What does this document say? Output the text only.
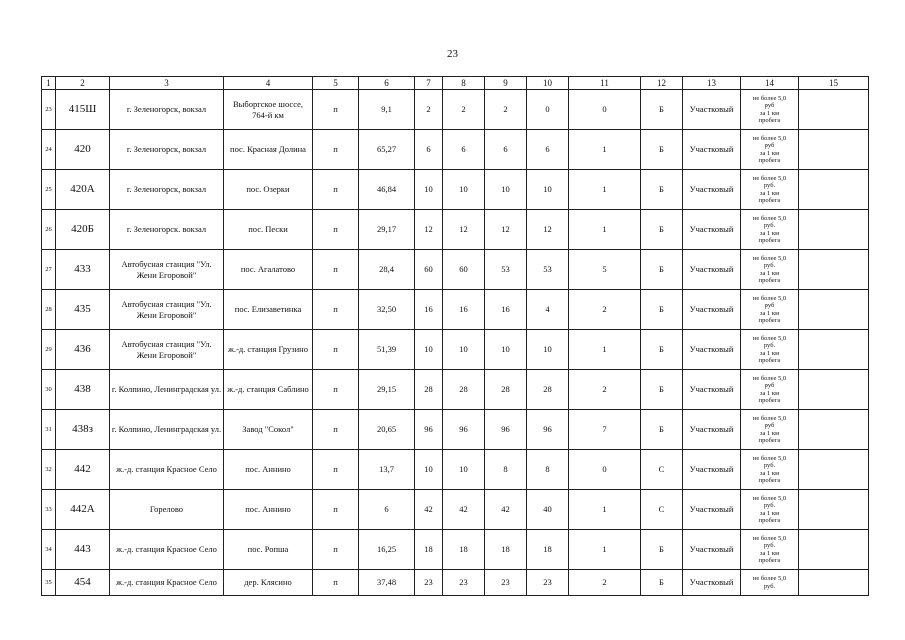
23
1	2	3	4	5	6	7	8	9	10	11	12	13	14	15
23	415Ш	г. Зеленогорск, вокзал	Выборгское шоссе, 764-й км	п	9,1	2	2	2	0	0	Б	Участковый	не более 5,0
руб
за 1 км
пробега	

24	420	г. Зеленогорск, вокзал	пос. Красная Долина	п	65,27	6	6	6	6	1	Б	Участковый	не более 5,0
руб
за 1 км
пробега	

25	420А	г. Зеленогорск, вокзал	пос. Озерки	п	46,84	10	10	10	10	1	Б	Участковый	не более 5,0
руб.
за 1 км
пробега	

26	420Б	г. Зеленогорск. вокзал	пос. Пески	п	29,17	12	12	12	12	1	Б	Участковый	не более 5,0
руб.
за 1 км
пробега	

27	433	Автобусная станция "Ул. Жени Егоровой"	пос. Агалатово	п	28,4	60	60	53	53	5	Б	Участковый	не более 5,0
руб.
за 1 км
пробега	

28	435	Автобусная станция "Ул. Жени Егоровой"	пос. Елизаветинка	п	32,50	16	16	16	4	2	Б	Участковый	не более 5,0
руб
за 1 км
пробега	

29	436	Автобусная станция "Ул. Жени Егоровой"	ж.-д. станция Грузино	п	51,39	10	10	10	10	1	Б	Участковый	не более 5,0
руб.
за 1 км
пробега	

30	438	г. Колпино, Ленинградская ул.	ж.-д. станция Саблино	п	29,15	28	28	28	28	2	Б	Участковый	не более 5,0
руб
за 1 км
пробега	

31	438з	г. Колпино, Ленинградская ул.	Завод "Сокол"	п	20,65	96	96	96	96	7	Б	Участковый	не более 5,0
руб
за 1 км
пробега	

32	442	ж.-д. станция Красное Село	пос. Аннино	п	13,7	10	10	8	8	0	С	Участковый	не более 5,0
руб.
за 1 км
пробега	

33	442А	Горелово	пос. Аннино	п	6	42	42	42	40	1	С	Участковый	не более 5,0
руб.
за 1 км
пробега	

34	443	ж.-д. станция Красное Село	пос. Ропша	п	16,25	18	18	18	18	1	Б	Участковый	не более 5,0
руб.
за 1 км
пробега	

35	454	ж.-д. станция Красное Село	дер. Клясино	п	37,48	23	23	23	23	2	Б	Участковый	не более 5,0
руб.	
